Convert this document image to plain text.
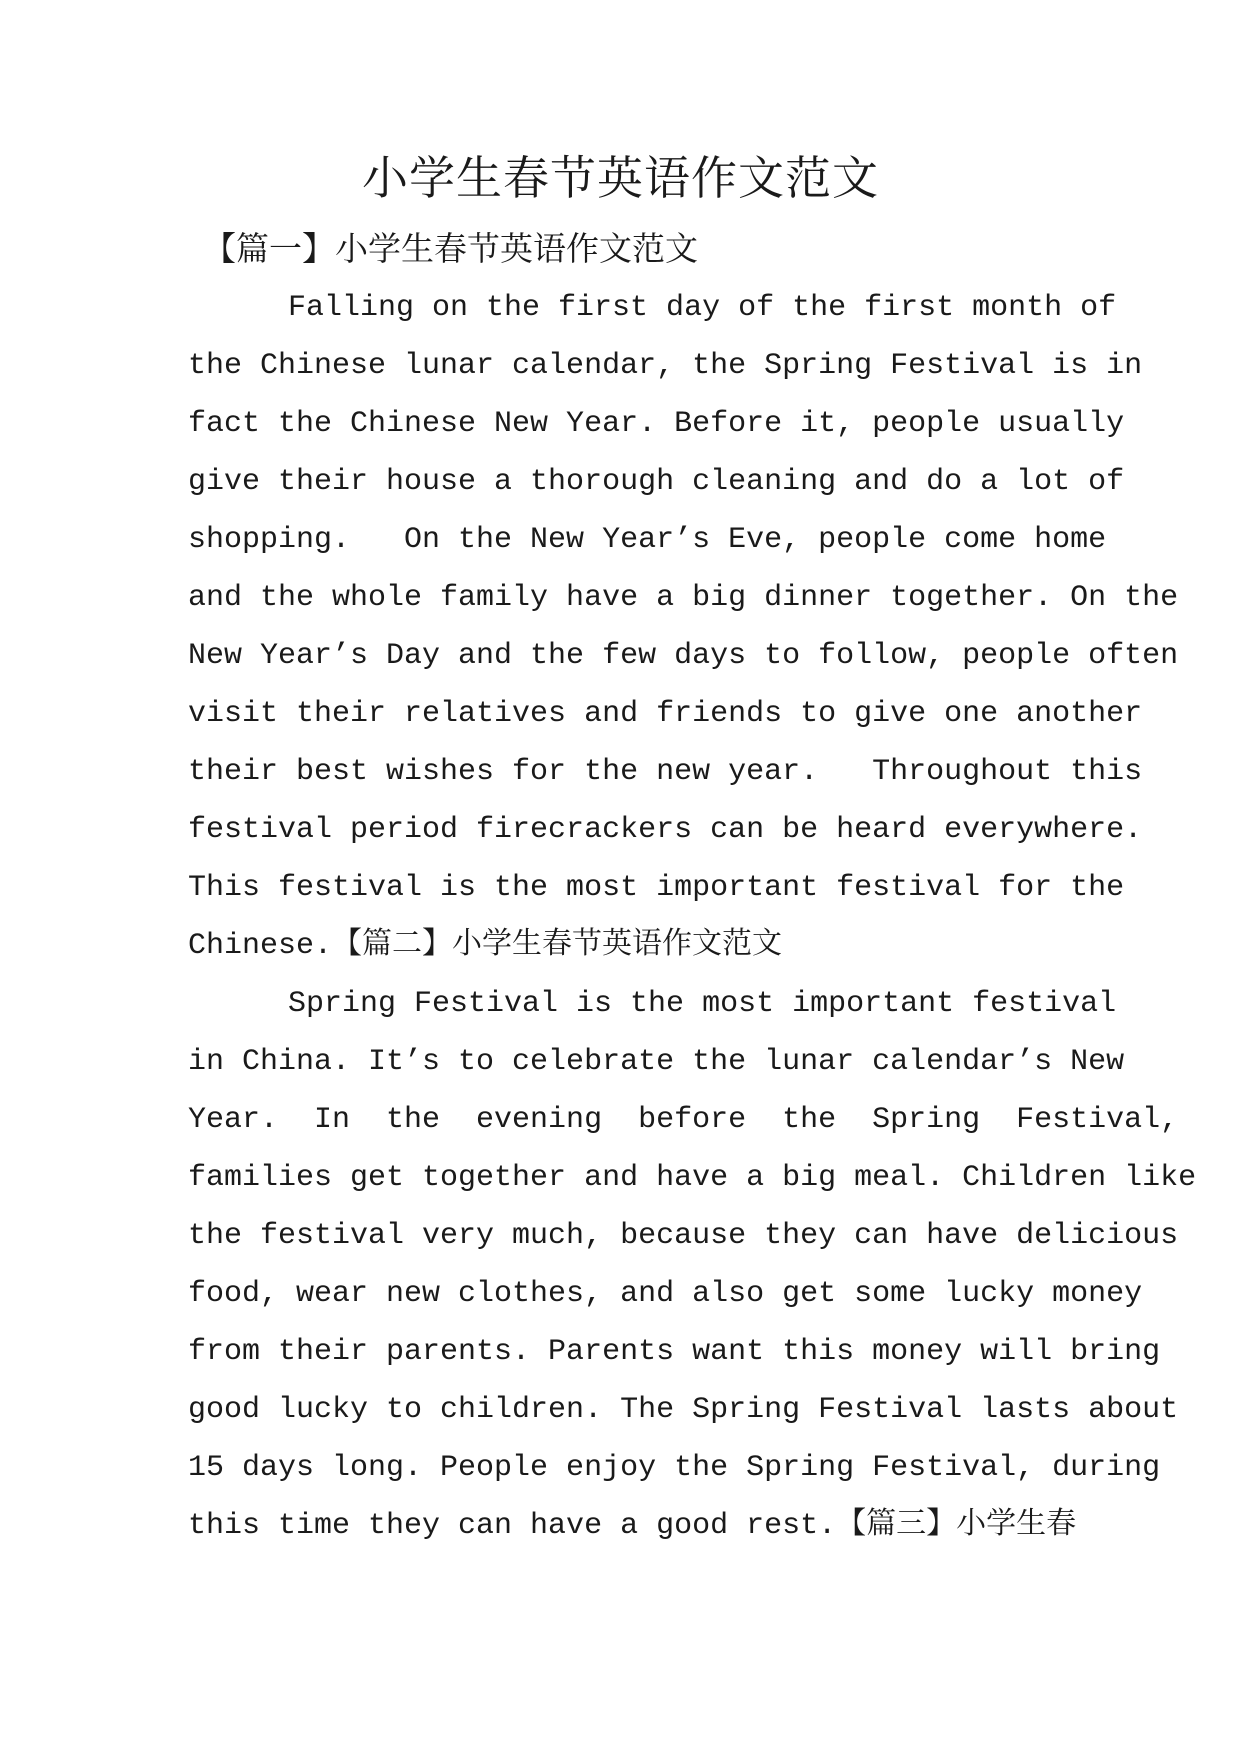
小学生春节英语作文范文
【篇一】小学生春节英语作文范文
Falling on the first day of the first month of
the Chinese lunar calendar, the Spring Festival is in
fact the Chinese New Year. Before it, people usually
give their house a thorough cleaning and do a lot of
shopping.   On the New Year’s Eve, people come home
and the whole family have a big dinner together. On the
New Year’s Day and the few days to follow, people often
visit their relatives and friends to give one another
their best wishes for the new year.   Throughout this
festival period firecrackers can be heard everywhere.
This festival is the most important festival for the
Chinese.【篇二】小学生春节英语作文范文
Spring Festival is the most important festival
in China. It’s to celebrate the lunar calendar’s New
Year.  In  the  evening  before  the  Spring  Festival,
families get together and have a big meal. Children like
the festival very much, because they can have delicious
food, wear new clothes, and also get some lucky money
from their parents. Parents want this money will bring
good lucky to children. The Spring Festival lasts about
15 days long. People enjoy the Spring Festival, during
this time they can have a good rest.【篇三】小学生春
